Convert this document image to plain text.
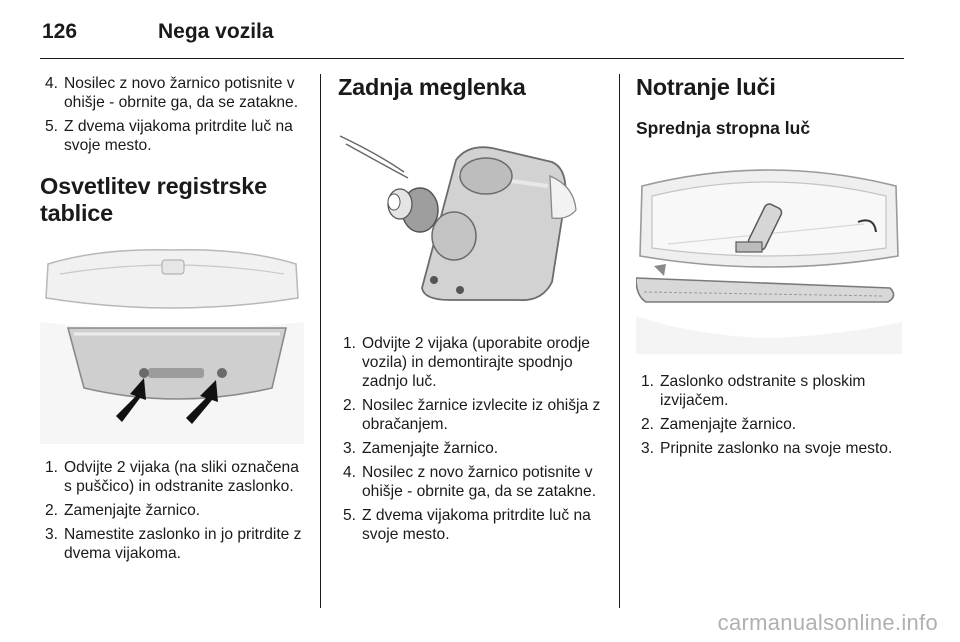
126	Nega vozila
4. Nosilec z novo žarnico potisnite v ohišje - obrnite ga, da se zatakne.
5. Z dvema vijakoma pritrdite luč na svoje mesto.
Osvetlitev registrske tablice
1. Odvijte 2 vijaka (na sliki označena s puščico) in odstranite zaslonko.
2. Zamenjajte žarnico.
3. Namestite zaslonko in jo pritrdite z dvema vijakoma.
Zadnja meglenka
1. Odvijte 2 vijaka (uporabite orodje vozila) in demontirajte spodnjo zadnjo luč.
2. Nosilec žarnice izvlecite iz ohišja z obračanjem.
3. Zamenjajte žarnico.
4. Nosilec z novo žarnico potisnite v ohišje - obrnite ga, da se zatakne.
5. Z dvema vijakoma pritrdite luč na svoje mesto.
Notranje luči
Sprednja stropna luč
1. Zaslonko odstranite s ploskim izvijačem.
2. Zamenjajte žarnico.
3. Pripnite zaslonko na svoje mesto.
carmanualsonline.info
